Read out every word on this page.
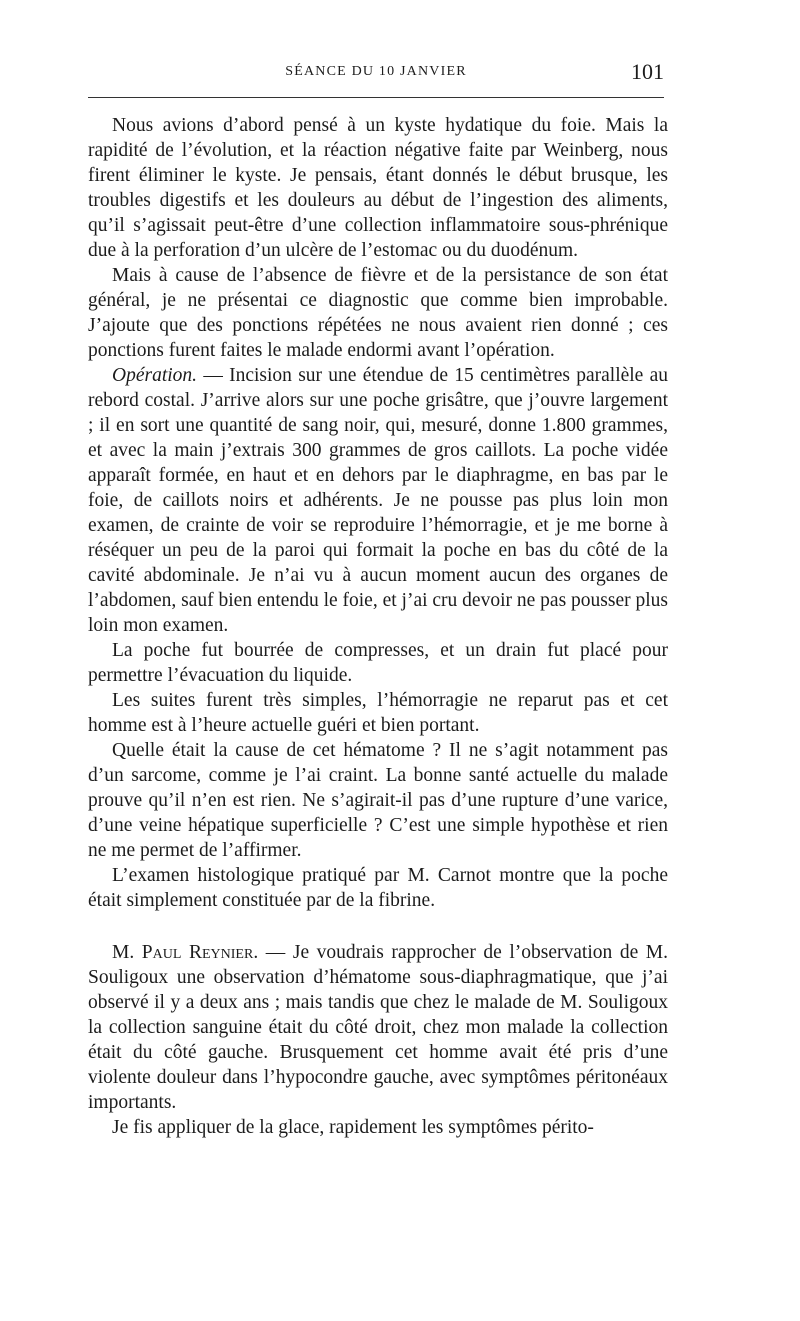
SÉANCE DU 10 JANVIER	101

Nous avions d’abord pensé à un kyste hydatique du foie. Mais la rapidité de l’évolution, et la réaction négative faite par Weinberg, nous firent éliminer le kyste. Je pensais, étant donnés le début brusque, les troubles digestifs et les douleurs au début de l’ingestion des aliments, qu’il s’agissait peut-être d’une collection inflammatoire sous-phrénique due à la perforation d’un ulcère de l’estomac ou du duodénum.

Mais à cause de l’absence de fièvre et de la persistance de son état général, je ne présentai ce diagnostic que comme bien improbable. J’ajoute que des ponctions répétées ne nous avaient rien donné ; ces ponctions furent faites le malade endormi avant l’opération.

Opération. — Incision sur une étendue de 15 centimètres parallèle au rebord costal. J’arrive alors sur une poche grisâtre, que j’ouvre largement ; il en sort une quantité de sang noir, qui, mesuré, donne 1.800 grammes, et avec la main j’extrais 300 grammes de gros caillots. La poche vidée apparaît formée, en haut et en dehors par le diaphragme, en bas par le foie, de caillots noirs et adhérents. Je ne pousse pas plus loin mon examen, de crainte de voir se reproduire l’hémorragie, et je me borne à réséquer un peu de la paroi qui formait la poche en bas du côté de la cavité abdominale. Je n’ai vu à aucun moment aucun des organes de l’abdomen, sauf bien entendu le foie, et j’ai cru devoir ne pas pousser plus loin mon examen.

La poche fut bourrée de compresses, et un drain fut placé pour permettre l’évacuation du liquide.

Les suites furent très simples, l’hémorragie ne reparut pas et cet homme est à l’heure actuelle guéri et bien portant.

Quelle était la cause de cet hématome ? Il ne s’agit notamment pas d’un sarcome, comme je l’ai craint. La bonne santé actuelle du malade prouve qu’il n’en est rien. Ne s’agirait-il pas d’une rupture d’une varice, d’une veine hépatique superficielle ? C’est une simple hypothèse et rien ne me permet de l’affirmer.

L’examen histologique pratiqué par M. Carnot montre que la poche était simplement constituée par de la fibrine.

M. Paul Reynier. — Je voudrais rapprocher de l’observation de M. Souligoux une observation d’hématome sous-diaphragmatique, que j’ai observé il y a deux ans ; mais tandis que chez le malade de M. Souligoux la collection sanguine était du côté droit, chez mon malade la collection était du côté gauche. Brusquement cet homme avait été pris d’une violente douleur dans l’hypocondre gauche, avec symptômes péritonéaux importants.

Je fis appliquer de la glace, rapidement les symptômes périto-
